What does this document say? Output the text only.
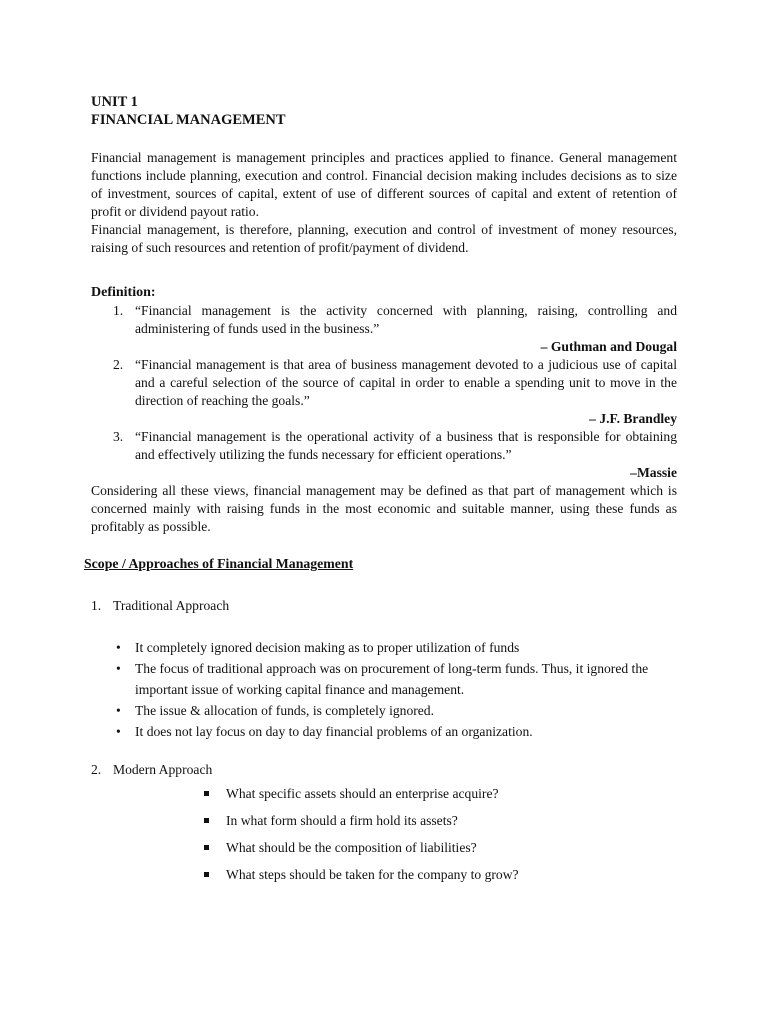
UNIT 1

FINANCIAL MANAGEMENT

Financial management is management principles and practices applied to finance. General management functions include planning, execution and control. Financial decision making includes decisions as to size of investment, sources of capital, extent of use of different sources of capital and extent of retention of profit or dividend payout ratio.

Financial management, is therefore, planning, execution and control of investment of money resources, raising of such resources and retention of profit/payment of dividend.

Definition:

1. “Financial management is the activity concerned with planning, raising, controlling and administering of funds used in the business.”

– Guthman and Dougal

2. “Financial management is that area of business management devoted to a judicious use of capital and a careful selection of the source of capital in order to enable a spending unit to move in the direction of reaching the goals.”

– J.F. Brandley

3. “Financial management is the operational activity of a business that is responsible for obtaining and effectively utilizing the funds necessary for efficient operations.”

–Massie

Considering all these views, financial management may be defined as that part of management which is concerned mainly with raising funds in the most economic and suitable manner, using these funds as profitably as possible.

Scope / Approaches of Financial Management

1. Traditional Approach

• It completely ignored decision making as to proper utilization of funds
• The focus of traditional approach was on procurement of long-term funds. Thus, it ignored the important issue of working capital finance and management.
• The issue & allocation of funds, is completely ignored.
• It does not lay focus on day to day financial problems of an organization.

2. Modern Approach

What specific assets should an enterprise acquire?
In what form should a firm hold its assets?
What should be the composition of liabilities?
What steps should be taken for the company to grow?
